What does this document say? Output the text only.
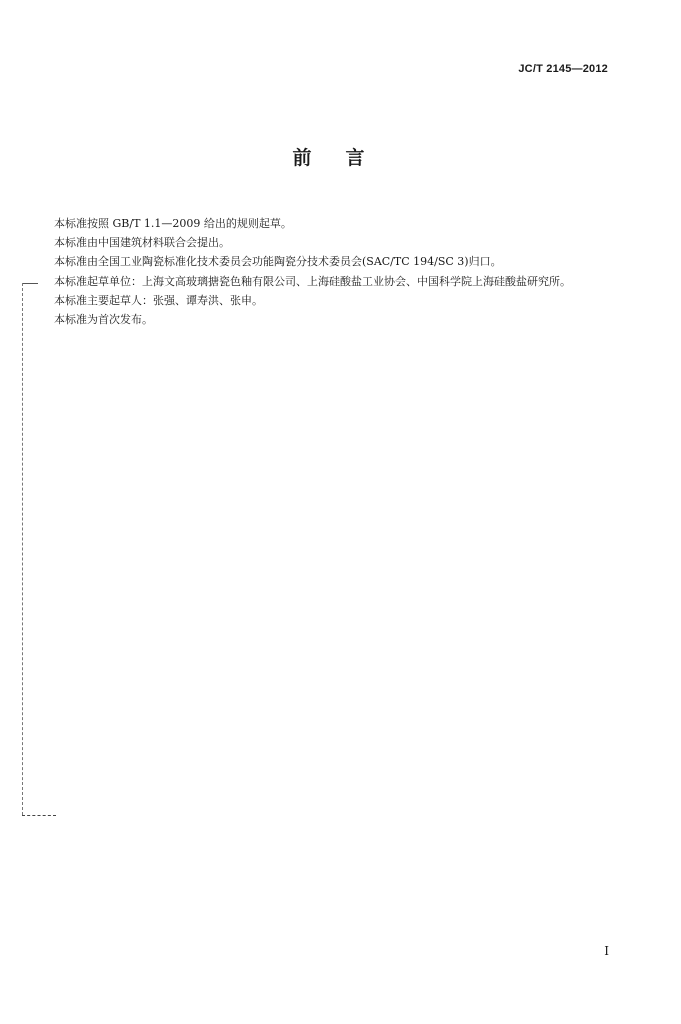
JC/T 2145—2012
前言

本标准按照 GB/T 1.1—2009 给出的规则起草。

本标准由中国建筑材料联合会提出。

本标准由全国工业陶瓷标准化技术委员会功能陶瓷分技术委员会(SAC/TC 194/SC 3)归口。

本标准起草单位：上海文高玻璃搪瓷色釉有限公司、上海硅酸盐工业协会、中国科学院上海硅酸盐研究所。

本标准主要起草人：张强、谭寿洪、张申。

本标准为首次发布。

I
